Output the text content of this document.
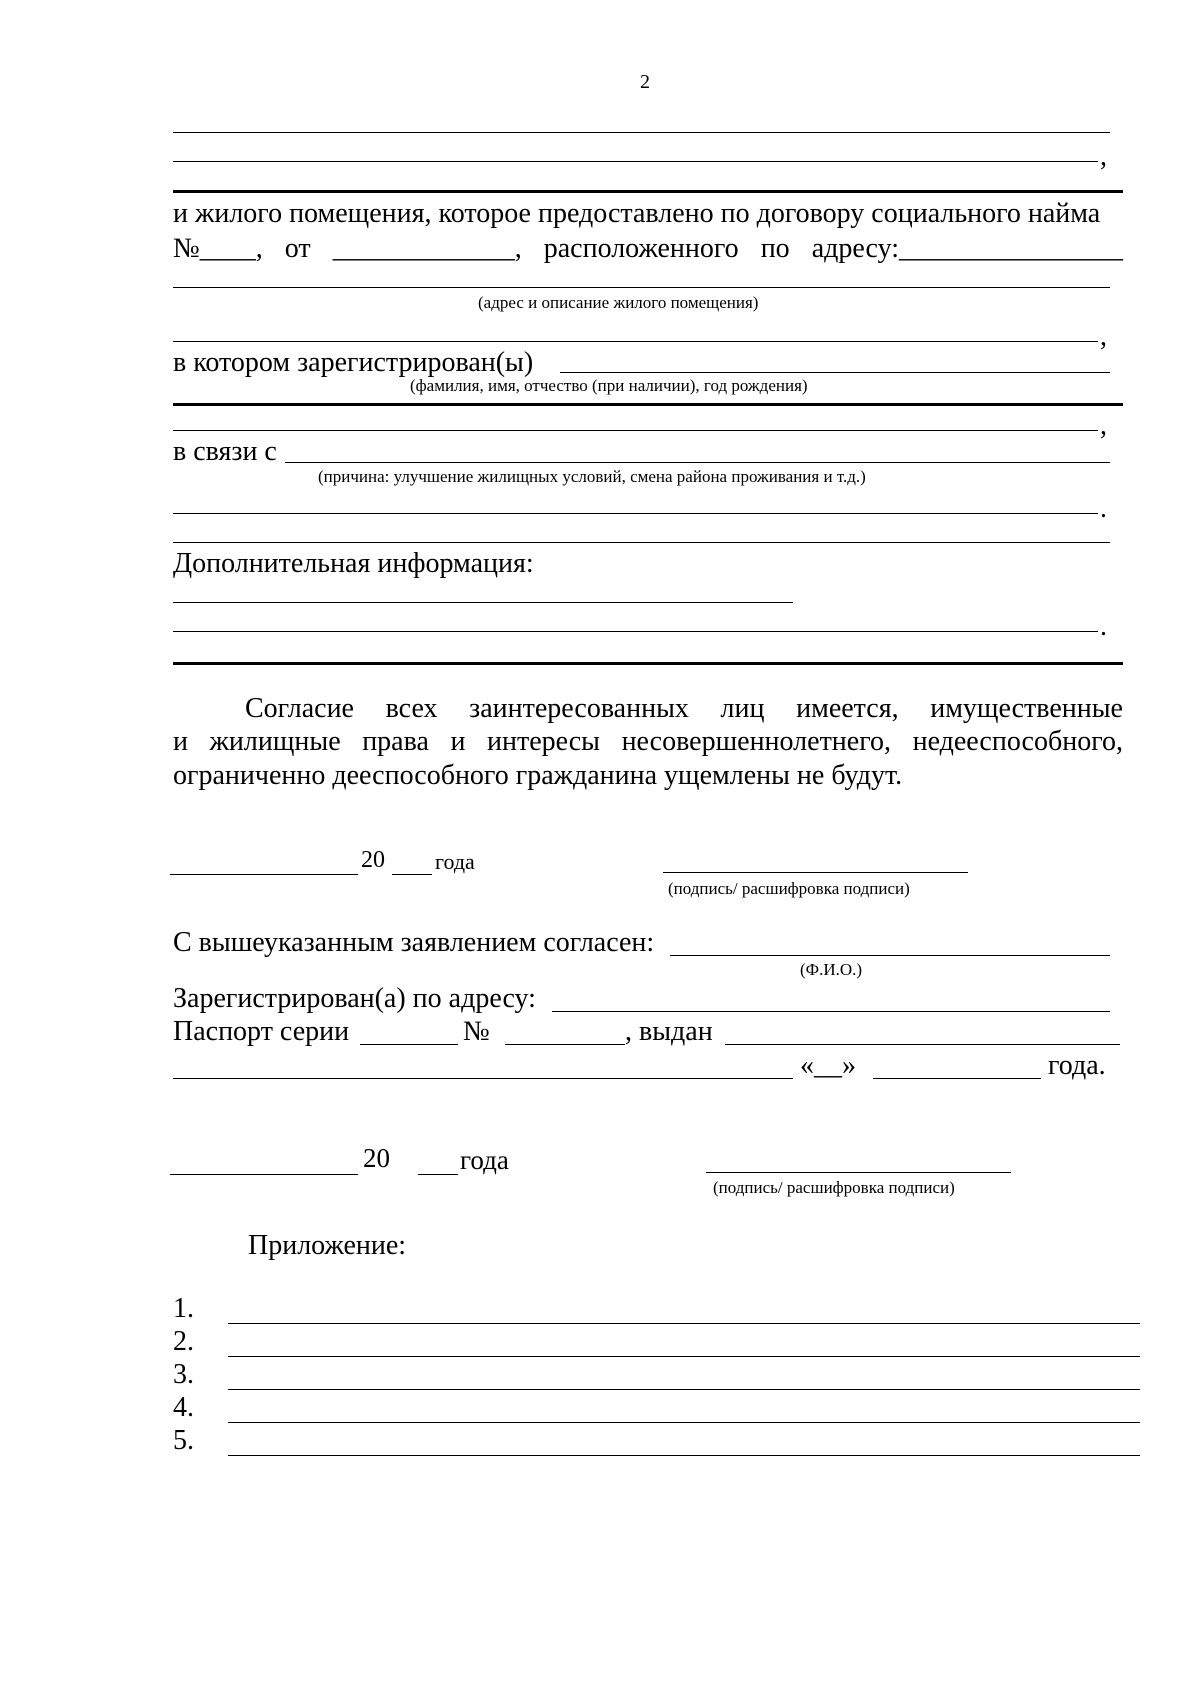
2
,
и жилого помещения, которое предоставлено по договору социального найма
№____, от _____________, расположенного по адресу:________________
(адрес и описание жилого помещения)
,
в котором зарегистрирован(ы)
(фамилия, имя, отчество (при наличии), год рождения)
,
в связи с
(причина: улучшение жилищных условий, смена района проживания и т.д.)
.
Дополнительная информация:
.
Согласие всех заинтересованных лиц имеется, имущественные
и жилищные права и интересы несовершеннолетнего, недееспособного,
ограниченно дееспособного гражданина ущемлены не будут.
20 года
(подпись/ расшифровка подписи)
С вышеуказанным заявлением согласен:
(Ф.И.О.)
Зарегистрирован(а) по адресу:
Паспорт серии	№	, выдан
«__»	года.
20	года
(подпись/ расшифровка подписи)
Приложение:
1.
2.
3.
4.
5.
